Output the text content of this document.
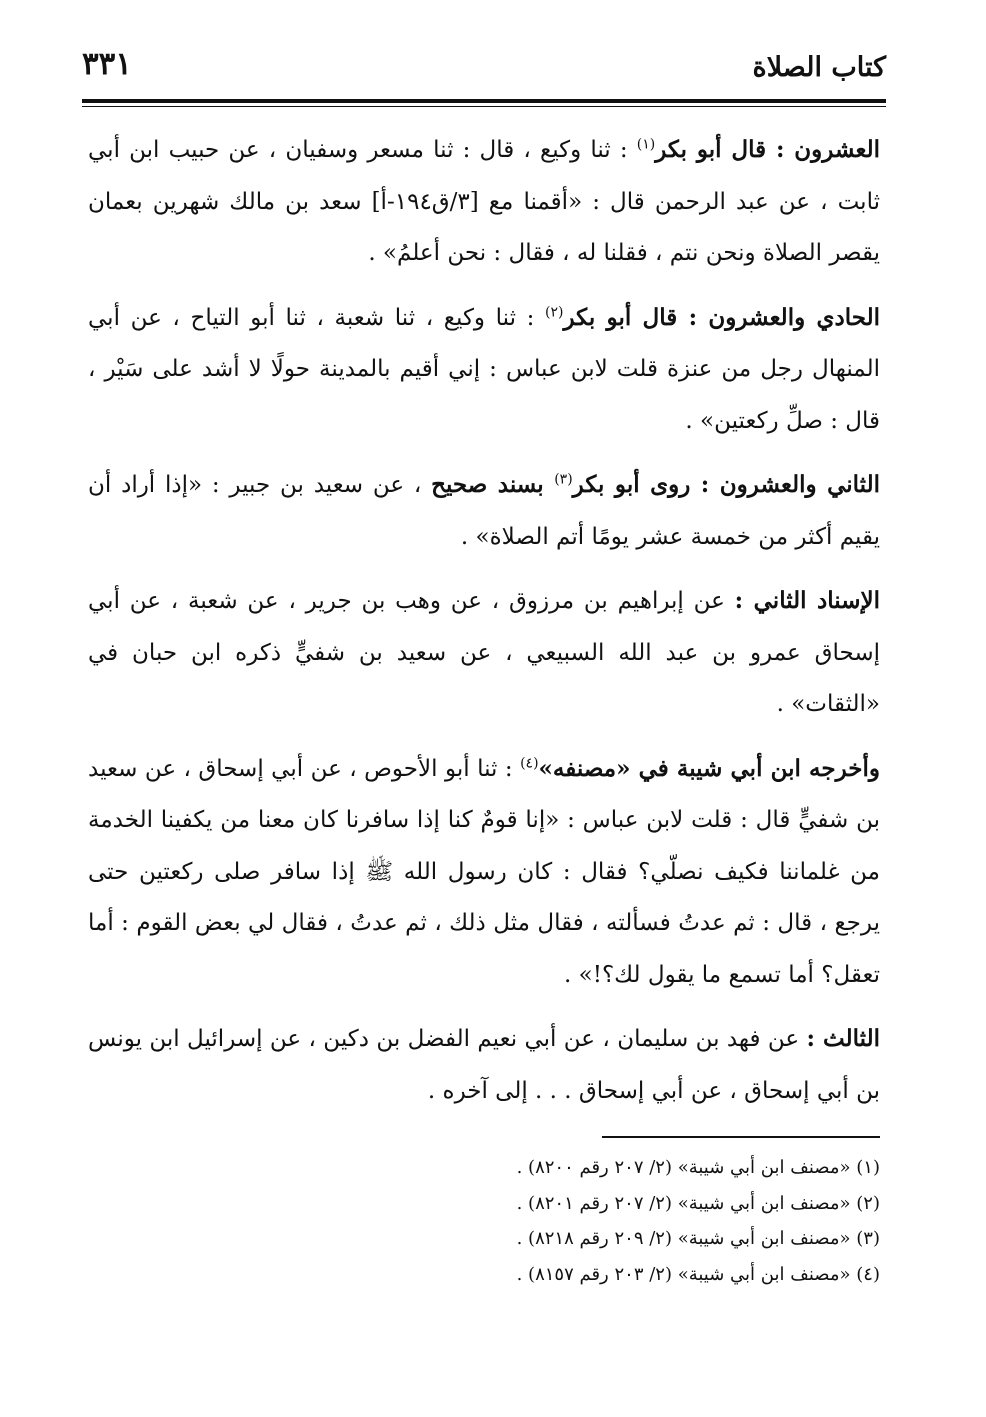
كتاب الصلاة
٣٣١

العشرون : قال أبو بكر$^{(١)}$ : ثنا وكيع ، قال : ثنا مسعر وسفيان ، عن حبيب ابن أبي ثابت ، عن عبد الرحمن قال : «أقمنا مع [٣/ق١٩٤-أ] سعد بن مالك شهرين بعمان يقصر الصلاة ونحن نتم ، فقلنا له ، فقال : نحن أعلمُ» .

الحادي والعشرون : قال أبو بكر$^{(٢)}$ : ثنا وكيع ، ثنا شعبة ، ثنا أبو التياح ، عن أبي المنهال رجل من عنزة قلت لابن عباس : إني أقيم بالمدينة حولًا لا أشد على سَيْر ، قال : صلِّ ركعتين» .

الثاني والعشرون : روى أبو بكر$^{(٣)}$ بسند صحيح ، عن سعيد بن جبير : «إذا أراد أن يقيم أكثر من خمسة عشر يومًا أتم الصلاة» .

الإسناد الثاني : عن إبراهيم بن مرزوق ، عن وهب بن جرير ، عن شعبة ، عن أبي إسحاق عمرو بن عبد الله السبيعي ، عن سعيد بن شفيٍّ ذكره ابن حبان في «الثقات» .

وأخرجه ابن أبي شيبة في «مصنفه»$^{(٤)}$ : ثنا أبو الأحوص ، عن أبي إسحاق ، عن سعيد بن شفيٍّ قال : قلت لابن عباس : «إنا قومٌ كنا إذا سافرنا كان معنا من يكفينا الخدمة من غلماننا فكيف نصلّي؟ فقال : كان رسول الله ﷺ إذا سافر صلى ركعتين حتى يرجع ، قال : ثم عدتُ فسألته ، فقال مثل ذلك ، ثم عدتُ ، فقال لي بعض القوم : أما تعقل؟ أما تسمع ما يقول لك؟!» .

الثالث : عن فهد بن سليمان ، عن أبي نعيم الفضل بن دكين ، عن إسرائيل ابن يونس بن أبي إسحاق ، عن أبي إسحاق . . . إلى آخره .

(١) «مصنف ابن أبي شيبة» (٢/ ٢٠٧ رقم ٨٢٠٠) .
(٢) «مصنف ابن أبي شيبة» (٢/ ٢٠٧ رقم ٨٢٠١) .
(٣) «مصنف ابن أبي شيبة» (٢/ ٢٠٩ رقم ٨٢١٨) .
(٤) «مصنف ابن أبي شيبة» (٢/ ٢٠٣ رقم ٨١٥٧) .
